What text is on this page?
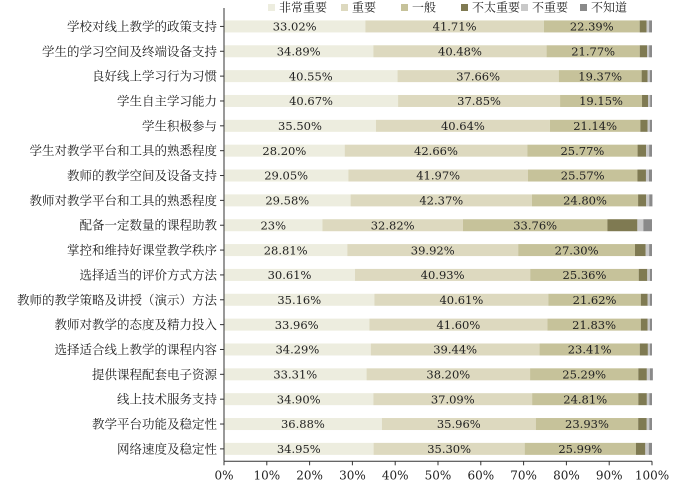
非常重要 重要	一般	不太重要 不重要 不知道
33.02%	41.71%	22.39%
34.89%	40.48%	21.77%
40.55%	37.66%	19.37%
40.67%	37.85%	19.15%
35.50%	40.64%	21.14%
28.20%	42.66%	25.77%
29.05%	41.97%	25.57%
29.58%	42.37%	24.80%
23%	32.82%	33.76%
28.81%	39.92%	27.30%
30.61%	40.93%	25.36%
35.16%	40.61%	21.62%
33.96%	41.60%	21.83%
34.29%	39.44%	23.41%
33.31%	38.20%	25.29%
34.90%	37.09%	24.81%
36.88%	35.96%	23.93%
34.95%	35.30%	25.99%
学校对线上教学的政策支持
学生的学习空间及终端设备支持
良好线上学习行为习惯
学生自主学习能力
学生积极参与
学生对教学平台和工具的熟悉程度
教师的教学空间及设备支持
教师对教学平台和工具的熟悉程度
配备一定数量的课程助教
掌控和维持好课堂教学秩序
选择适当的评价方式方法
教师的教学策略及讲授（演示）方法
教师对教学的态度及精力投入
选择适合线上教学的课程内容
提供课程配套电子资源
线上技术服务支持
教学平台功能及稳定性
网络速度及稳定性
0% 10% 20% 30% 40% 50% 60% 70% 80% 90% 100%
